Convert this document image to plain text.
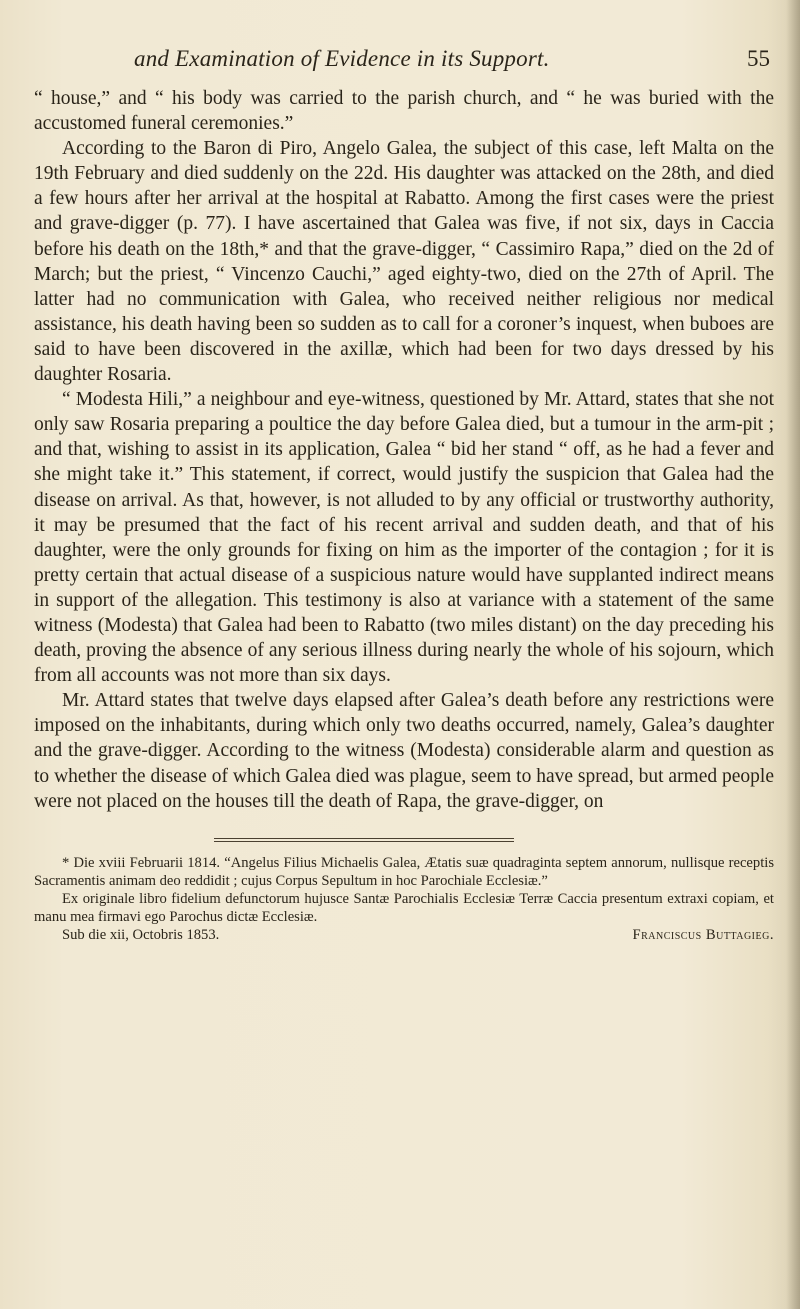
and Examination of Evidence in its Support.	55

“ house,” and “ his body was carried to the parish church, and “ he was buried with the accustomed funeral ceremonies.”

According to the Baron di Piro, Angelo Galea, the subject of this case, left Malta on the 19th February and died suddenly on the 22d. His daughter was attacked on the 28th, and died a few hours after her arrival at the hospital at Rabatto. Among the first cases were the priest and grave-digger (p. 77). I have ascertained that Galea was five, if not six, days in Caccia before his death on the 18th,* and that the grave-digger, “ Cassimiro Rapa,” died on the 2d of March; but the priest, “ Vincenzo Cauchi,” aged eighty-two, died on the 27th of April. The latter had no communication with Galea, who received neither religious nor medical assistance, his death having been so sudden as to call for a coroner’s inquest, when buboes are said to have been discovered in the axillæ, which had been for two days dressed by his daughter Rosaria.

“ Modesta Hili,” a neighbour and eye-witness, questioned by Mr. Attard, states that she not only saw Rosaria preparing a poultice the day before Galea died, but a tumour in the arm-pit ; and that, wishing to assist in its application, Galea “ bid her stand “ off, as he had a fever and she might take it.” This statement, if correct, would justify the suspicion that Galea had the disease on arrival. As that, however, is not alluded to by any official or trustworthy authority, it may be presumed that the fact of his recent arrival and sudden death, and that of his daughter, were the only grounds for fixing on him as the importer of the contagion ; for it is pretty certain that actual disease of a suspicious nature would have supplanted indirect means in support of the allegation. This testimony is also at variance with a statement of the same witness (Modesta) that Galea had been to Rabatto (two miles distant) on the day preceding his death, proving the absence of any serious illness during nearly the whole of his sojourn, which from all accounts was not more than six days.

Mr. Attard states that twelve days elapsed after Galea’s death before any restrictions were imposed on the inhabitants, during which only two deaths occurred, namely, Galea’s daughter and the grave-digger. According to the witness (Modesta) considerable alarm and question as to whether the disease of which Galea died was plague, seem to have spread, but armed people were not placed on the houses till the death of Rapa, the grave-digger, on

* Die xviii Februarii 1814. “Angelus Filius Michaelis Galea, Ætatis suæ quadraginta septem annorum, nullisque receptis Sacramentis animam deo reddidit ; cujus Corpus Sepultum in hoc Parochiale Ecclesiæ.”

Ex originale libro fidelium defunctorum hujusce Santæ Parochialis Ecclesiæ Terræ Caccia presentum extraxi copiam, et manu mea firmavi ego Parochus dictæ Ecclesiæ.

Sub die xii, Octobris 1853.	Franciscus Buttagieg.
